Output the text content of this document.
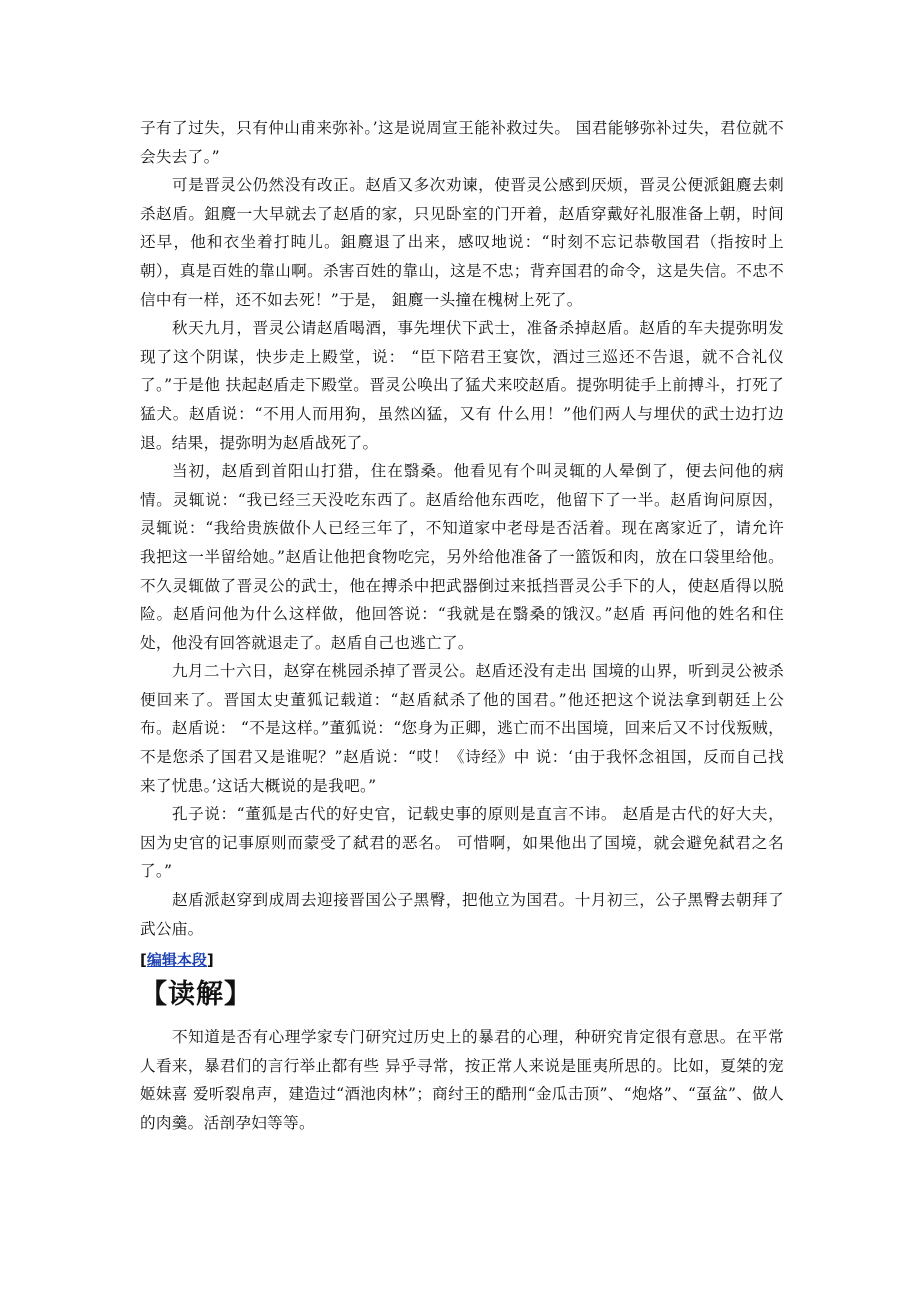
子有了过失，只有仲山甫来弥补。’这是说周宣王能补救过失。 国君能够弥补过失，君位就不会失去了。”

可是晋灵公仍然没有改正。赵盾又多次劝谏，使晋灵公感到厌烦，晋灵公便派鉏麑去刺杀赵盾。鉏麑一大早就去了赵盾的家，只见卧室的门开着，赵盾穿戴好礼服准备上朝，时间还早，他和衣坐着打盹儿。鉏麑退了出来，感叹地说：“时刻不忘记恭敬国君（指按时上朝），真是百姓的靠山啊。杀害百姓的靠山，这是不忠；背弃国君的命令，这是失信。不忠不信中有一样，还不如去死！”于是， 鉏麑一头撞在槐树上死了。

秋天九月，晋灵公请赵盾喝酒，事先埋伏下武士，准备杀掉赵盾。赵盾的车夫提弥明发现了这个阴谋，快步走上殿堂，说： “臣下陪君王宴饮，酒过三巡还不告退，就不合礼仪了。”于是他 扶起赵盾走下殿堂。晋灵公唤出了猛犬来咬赵盾。提弥明徒手上前搏斗，打死了猛犬。赵盾说：“不用人而用狗，虽然凶猛，又有 什么用！”他们两人与埋伏的武士边打边退。结果，提弥明为赵盾战死了。

当初，赵盾到首阳山打猎，住在翳桑。他看见有个叫灵辄的人晕倒了，便去问他的病情。灵辄说：“我已经三天没吃东西了。赵盾给他东西吃，他留下了一半。赵盾询问原因，灵辄说：“我给贵族做仆人已经三年了，不知道家中老母是否活着。现在离家近了，请允许我把这一半留给她。”赵盾让他把食物吃完，另外给他准备了一篮饭和肉，放在口袋里给他。不久灵辄做了晋灵公的武士，他在搏杀中把武器倒过来抵挡晋灵公手下的人，使赵盾得以脱险。赵盾问他为什么这样做，他回答说：“我就是在翳桑的饿汉。”赵盾 再问他的姓名和住处，他没有回答就退走了。赵盾自己也逃亡了。

九月二十六日，赵穿在桃园杀掉了晋灵公。赵盾还没有走出 国境的山界，听到灵公被杀便回来了。晋国太史董狐记载道：“赵盾弑杀了他的国君。”他还把这个说法拿到朝廷上公布。赵盾说： “不是这样。”董狐说：“您身为正卿，逃亡而不出国境，回来后又不讨伐叛贼，不是您杀了国君又是谁呢？”赵盾说：“哎！《诗经》中 说：‘由于我怀念祖国，反而自己找来了忧患。’这话大概说的是我吧。”

孔子说：“董狐是古代的好史官，记载史事的原则是直言不讳。 赵盾是古代的好大夫，因为史官的记事原则而蒙受了弑君的恶名。 可惜啊，如果他出了国境，就会避免弑君之名了。”

赵盾派赵穿到成周去迎接晋国公子黑臀，把他立为国君。十月初三，公子黑臀去朝拜了武公庙。

[编辑本段]
【读解】

不知道是否有心理学家专门研究过历史上的暴君的心理，种研究肯定很有意思。在平常人看来，暴君们的言行举止都有些 异乎寻常，按正常人来说是匪夷所思的。比如，夏桀的宠姬妹喜 爱听裂帛声，建造过“酒池肉林”；商纣王的酷刑“金瓜击顶”、“炮烙”、“虿盆”、做人的肉羹。活剖孕妇等等。
